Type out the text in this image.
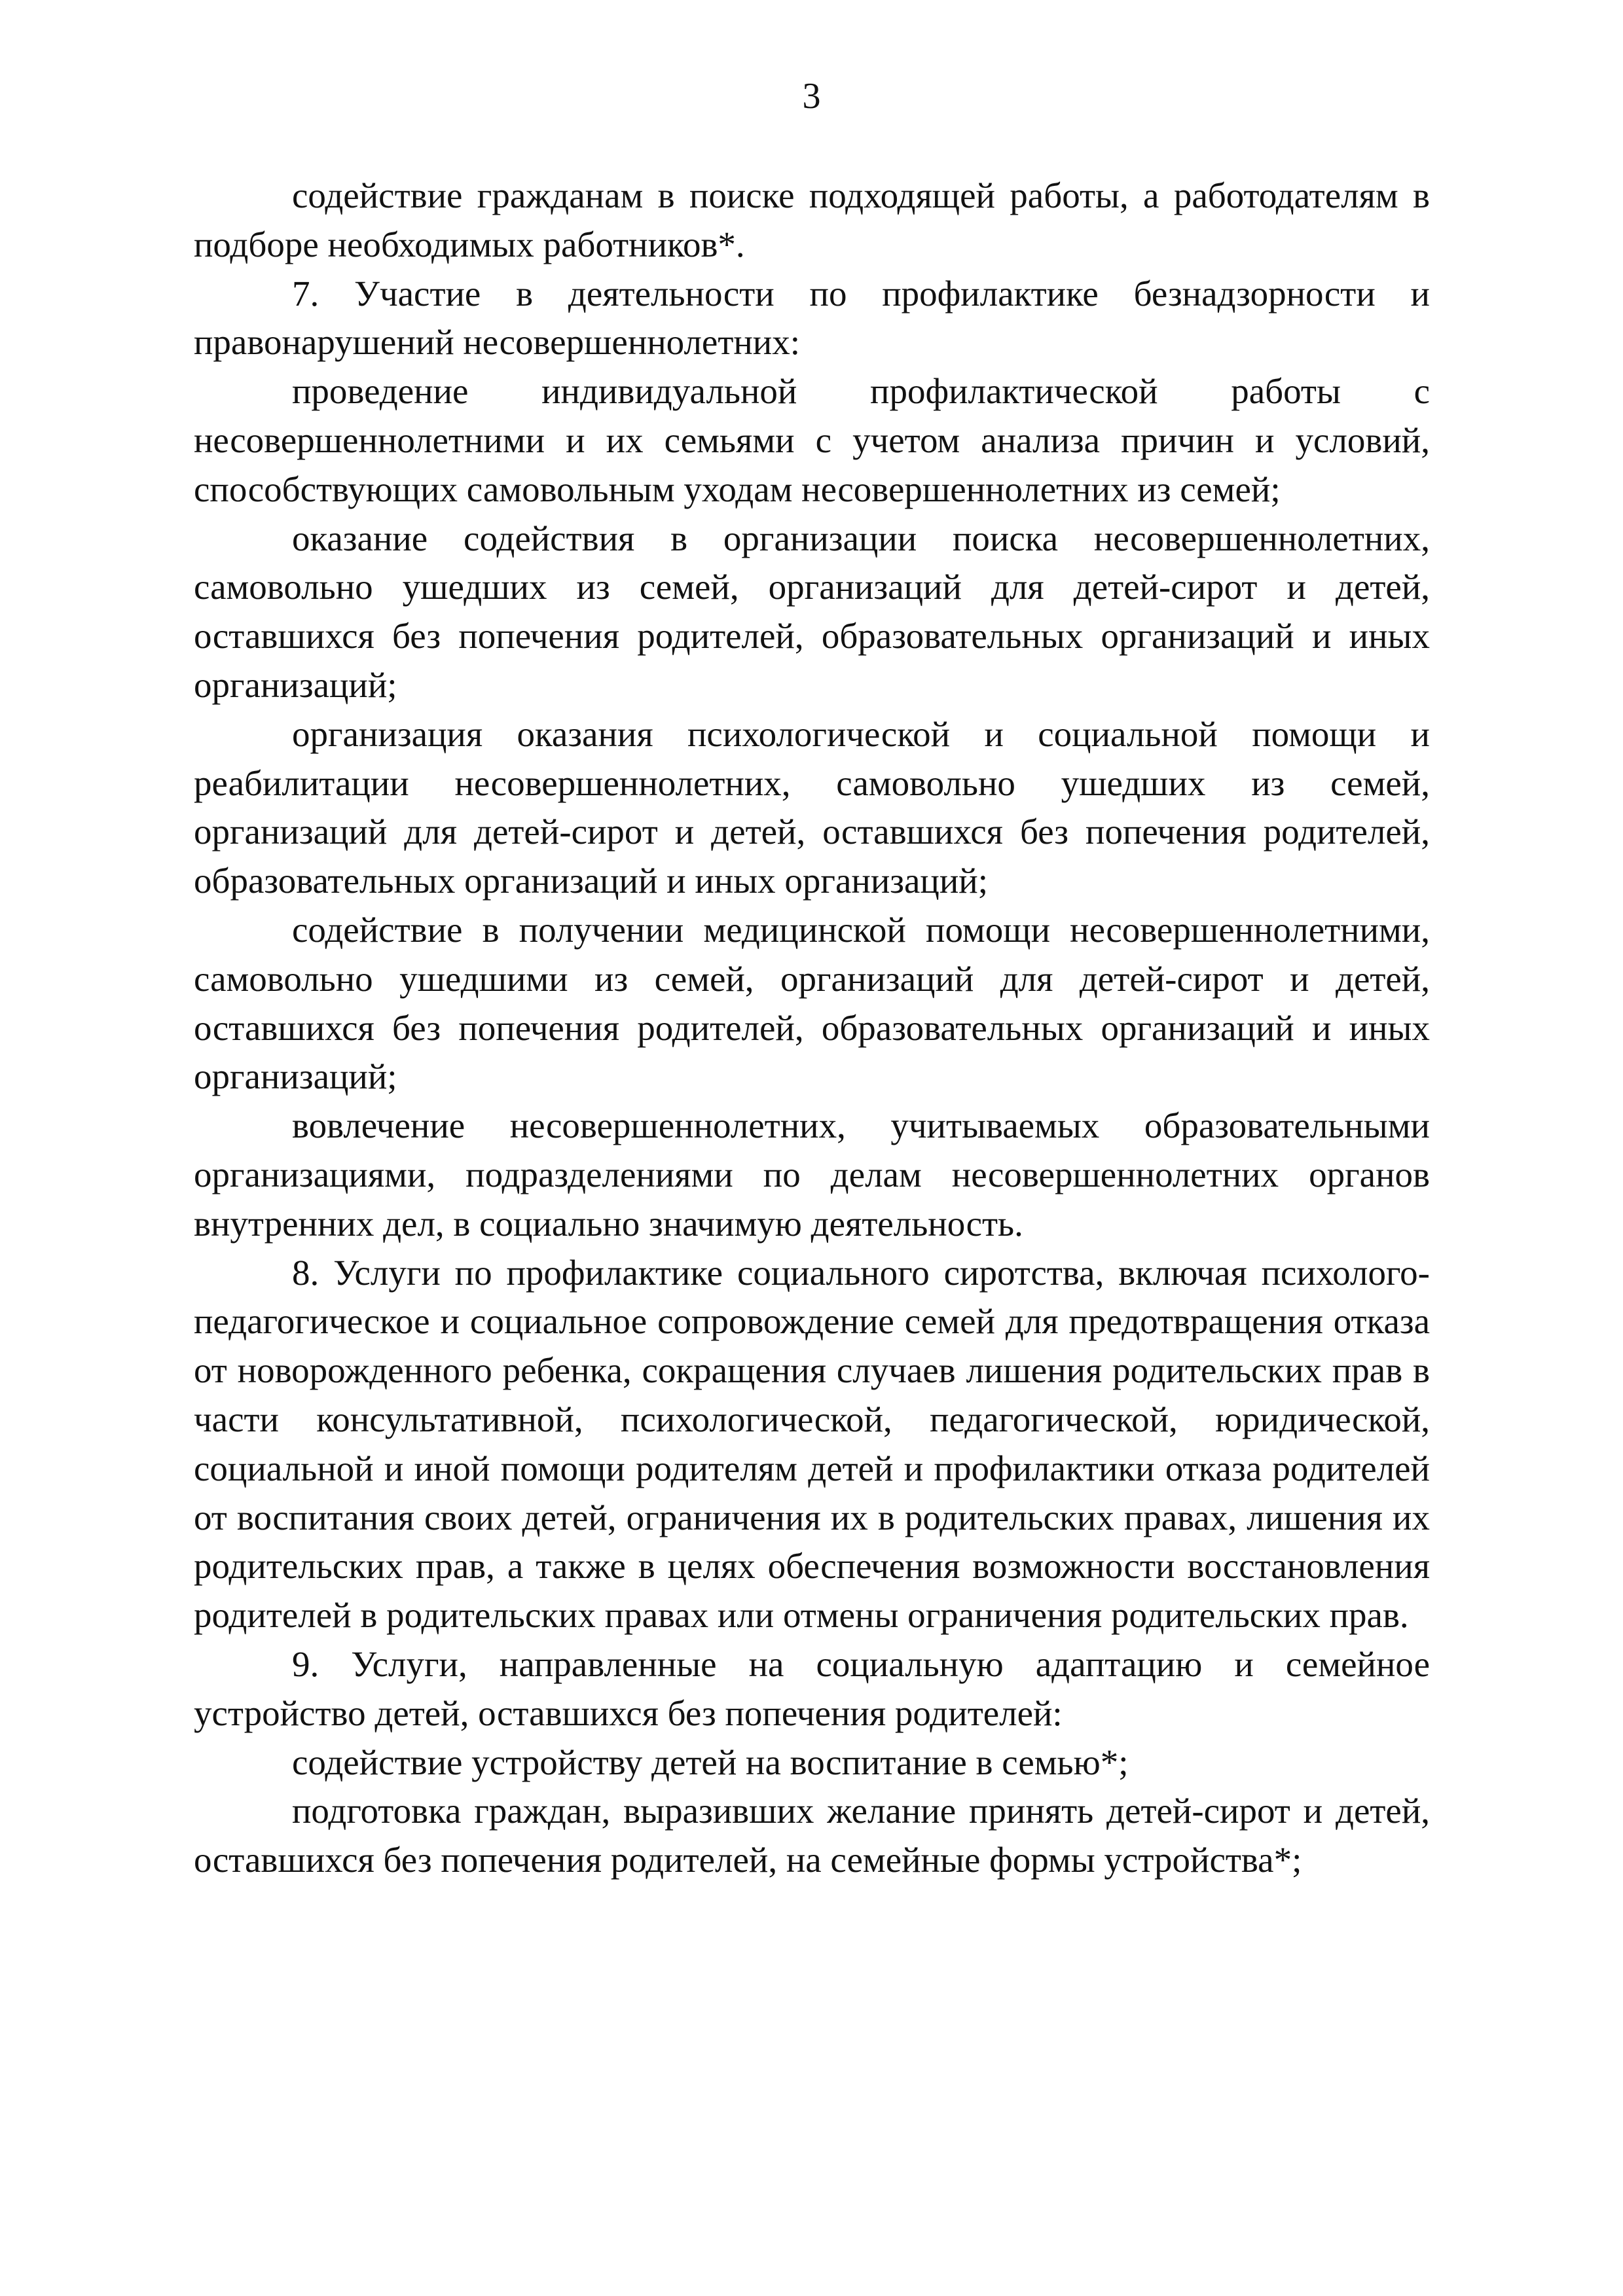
3

содействие гражданам в поиске подходящей работы, а работодателям в подборе необходимых работников*.

7. Участие в деятельности по профилактике безнадзорности и правонарушений несовершеннолетних:

проведение индивидуальной профилактической работы с несовершеннолетними и их семьями с учетом анализа причин и условий, способствующих самовольным уходам несовершеннолетних из семей;

оказание содействия в организации поиска несовершеннолетних, самовольно ушедших из семей, организаций для детей-сирот и детей, оставшихся без попечения родителей, образовательных организаций и иных организаций;

организация оказания психологической и социальной помощи и реабилитации несовершеннолетних, самовольно ушедших из семей, организаций для детей-сирот и детей, оставшихся без попечения родителей, образовательных организаций и иных организаций;

содействие в получении медицинской помощи несовершеннолетними, самовольно ушедшими из семей, организаций для детей-сирот и детей, оставшихся без попечения родителей, образовательных организаций и иных организаций;

вовлечение несовершеннолетних, учитываемых образовательными организациями, подразделениями по делам несовершеннолетних органов внутренних дел, в социально значимую деятельность.

8. Услуги по профилактике социального сиротства, включая психолого-педагогическое и социальное сопровождение семей для предотвращения отказа от новорожденного ребенка, сокращения случаев лишения родительских прав в части консультативной, психологической, педагогической, юридической, социальной и иной помощи родителям детей и профилактики отказа родителей от воспитания своих детей, ограничения их в родительских правах, лишения их родительских прав, а также в целях обеспечения возможности восстановления родителей в родительских правах или отмены ограничения родительских прав.

9. Услуги, направленные на социальную адаптацию и семейное устройство детей, оставшихся без попечения родителей:

содействие устройству детей на воспитание в семью*;

подготовка граждан, выразивших желание принять детей-сирот и детей, оставшихся без попечения родителей, на семейные формы устройства*;
